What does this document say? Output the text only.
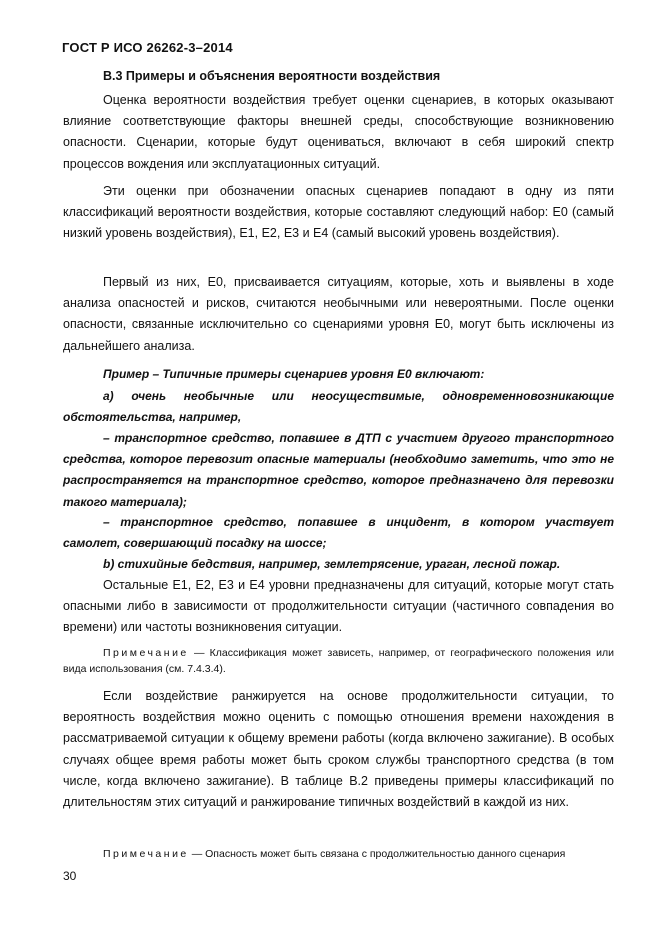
ГОСТ Р ИСО 26262-3–2014
В.3 Примеры и объяснения вероятности воздействия

Оценка вероятности воздействия требует оценки сценариев, в которых оказывают влияние соответствующие факторы внешней среды, способствующие возникновению опасности. Сценарии, которые будут оцениваться, включают в себя широкий спектр процессов вождения или эксплуатационных ситуаций.

Эти оценки при обозначении опасных сценариев попадают в одну из пяти классификаций вероятности воздействия, которые составляют следующий набор: Е0 (самый низкий уровень воздействия), Е1, Е2, Е3 и Е4 (самый высокий уровень воздействия).

Первый из них, Е0, присваивается ситуациям, которые, хоть и выявлены в ходе анализа опасностей и рисков, считаются необычными или невероятными. После оценки опасности, связанные исключительно со сценариями уровня Е0, могут быть исключены из дальнейшего анализа.

Пример – Типичные примеры сценариев уровня Е0 включают:

а) очень необычные или неосуществимые, одновременновозникающие обстоятельства, например,

– транспортное средство, попавшее в ДТП с участием другого транспортного средства, которое перевозит опасные материалы (необходимо заметить, что это не распространяется на транспортное средство, которое предназначено для перевозки такого материала);

– транспортное средство, попавшее в инцидент, в котором участвует самолет, совершающий посадку на шоссе;

b) стихийные бедствия, например, землетрясение, ураган, лесной пожар.

Остальные Е1, Е2, Е3 и Е4 уровни предназначены для ситуаций, которые могут стать опасными либо в зависимости от продолжительности ситуации (частичного совпадения во времени) или частоты возникновения ситуации.

Примечание — Классификация может зависеть, например, от географического положения или вида использования (см. 7.4.3.4).

Если воздействие ранжируется на основе продолжительности ситуации, то вероятность воздействия можно оценить с помощью отношения времени нахождения в рассматриваемой ситуации к общему времени работы (когда включено зажигание). В особых случаях общее время работы может быть сроком службы транспортного средства (в том числе, когда включено зажигание). В таблице В.2 приведены примеры классификаций по длительностям этих ситуаций и ранжирование типичных воздействий в каждой из них.

Примечание — Опасность может быть связана с продолжительностью данного сценария

30
